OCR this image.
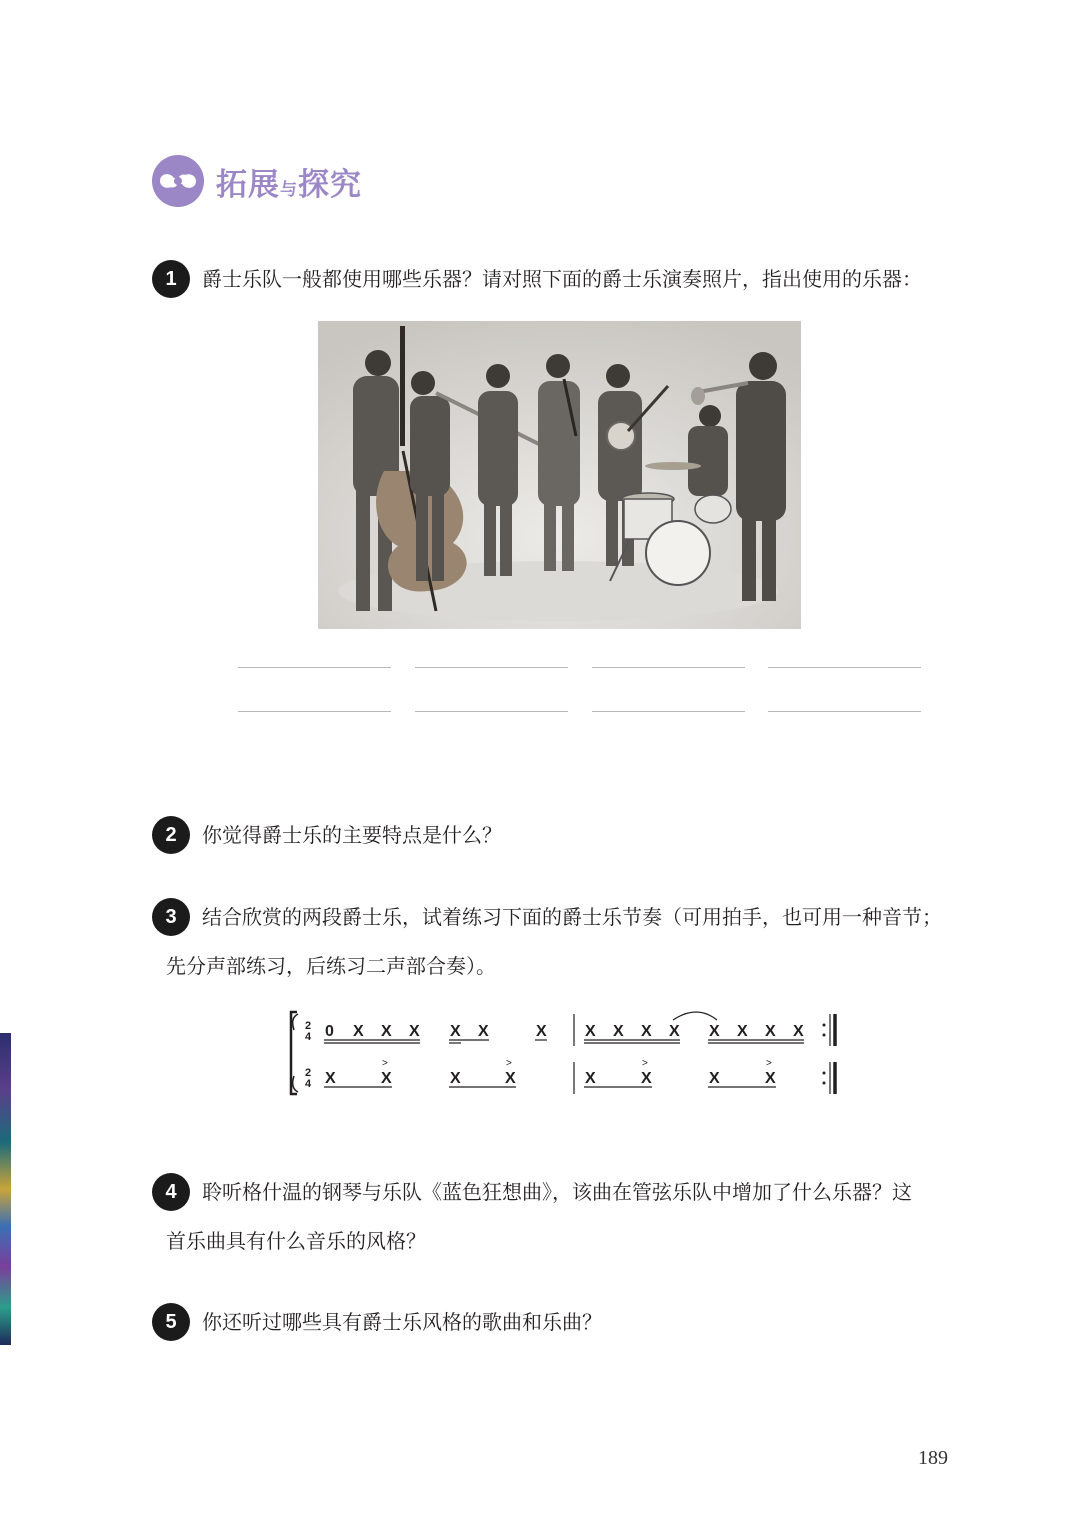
拓展与探究
1	爵士乐队一般都使用哪些乐器？请对照下面的爵士乐演奏照片，指出使用的乐器：
2	你觉得爵士乐的主要特点是什么？
3	结合欣赏的两段爵士乐，试着练习下面的爵士乐节奏（可用拍手，也可用一种音节；
先分声部练习，后练习二声部合奏）。
2
4
2
4
0 X X X X X	X X X X X X X X X
X	X	X	X	X	X	X	X
>	>	>	>
4	聆听格什温的钢琴与乐队《蓝色狂想曲》，该曲在管弦乐队中增加了什么乐器？这
首乐曲具有什么音乐的风格？
5	你还听过哪些具有爵士乐风格的歌曲和乐曲？
189
